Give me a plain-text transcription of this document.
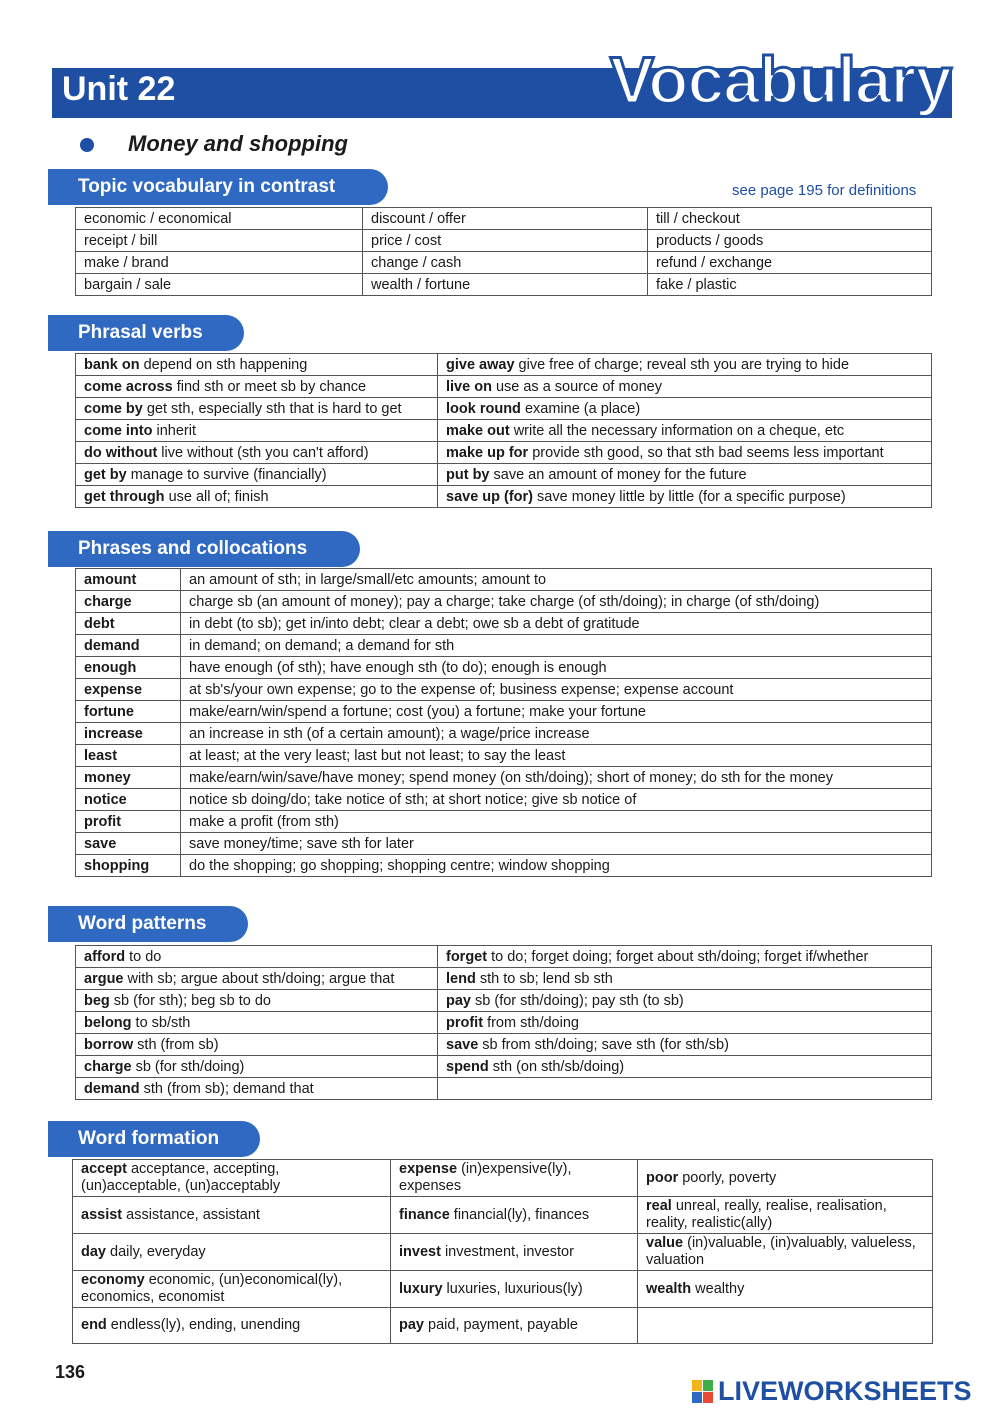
Unit 22	Vocabulary
Money and shopping
Topic vocabulary in contrast	see page 195 for definitions
economic / economical	discount / offer	till / checkout
receipt / bill	price / cost	products / goods
make / brand	change / cash	refund / exchange
bargain / sale	wealth / fortune	fake / plastic
Phrasal verbs
bank on depend on sth happening	give away give free of charge; reveal sth you are trying to hide
come across find sth or meet sb by chance	live on use as a source of money
come by get sth, especially sth that is hard to get	look round examine (a place)
come into inherit	make out write all the necessary information on a cheque, etc
do without live without (sth you can't afford)	make up for provide sth good, so that sth bad seems less important
get by manage to survive (financially)	put by save an amount of money for the future
get through use all of; finish	save up (for) save money little by little (for a specific purpose)
Phrases and collocations
amount	an amount of sth; in large/small/etc amounts; amount to
charge	charge sb (an amount of money); pay a charge; take charge (of sth/doing); in charge (of sth/doing)
debt	in debt (to sb); get in/into debt; clear a debt; owe sb a debt of gratitude
demand	in demand; on demand; a demand for sth
enough	have enough (of sth); have enough sth (to do); enough is enough
expense	at sb's/your own expense; go to the expense of; business expense; expense account
fortune	make/earn/win/spend a fortune; cost (you) a fortune; make your fortune
increase	an increase in sth (of a certain amount); a wage/price increase
least	at least; at the very least; last but not least; to say the least
money	make/earn/win/save/have money; spend money (on sth/doing); short of money; do sth for the money
notice	notice sb doing/do; take notice of sth; at short notice; give sb notice of
profit	make a profit (from sth)
save	save money/time; save sth for later
shopping	do the shopping; go shopping; shopping centre; window shopping
Word patterns
afford to do	forget to do; forget doing; forget about sth/doing; forget if/whether
argue with sb; argue about sth/doing; argue that	lend sth to sb; lend sb sth
beg sb (for sth); beg sb to do	pay sb (for sth/doing); pay sth (to sb)
belong to sb/sth	profit from sth/doing
borrow sth (from sb)	save sb from sth/doing; save sth (for sth/sb)
charge sb (for sth/doing)	spend sth (on sth/sb/doing)
demand sth (from sb); demand that	
Word formation
accept acceptance, accepting, (un)acceptable, (un)acceptably	expense (in)expensive(ly), expenses	poor poorly, poverty
assist assistance, assistant	finance financial(ly), finances	real unreal, really, realise, realisation, reality, realistic(ally)
day daily, everyday	invest investment, investor	value (in)valuable, (in)valuably, valueless, valuation
economy economic, (un)economical(ly), economics, economist	luxury luxuries, luxurious(ly)	wealth wealthy
end endless(ly), ending, unending	pay paid, payment, payable	
136
LIVEWORKSHEETS
